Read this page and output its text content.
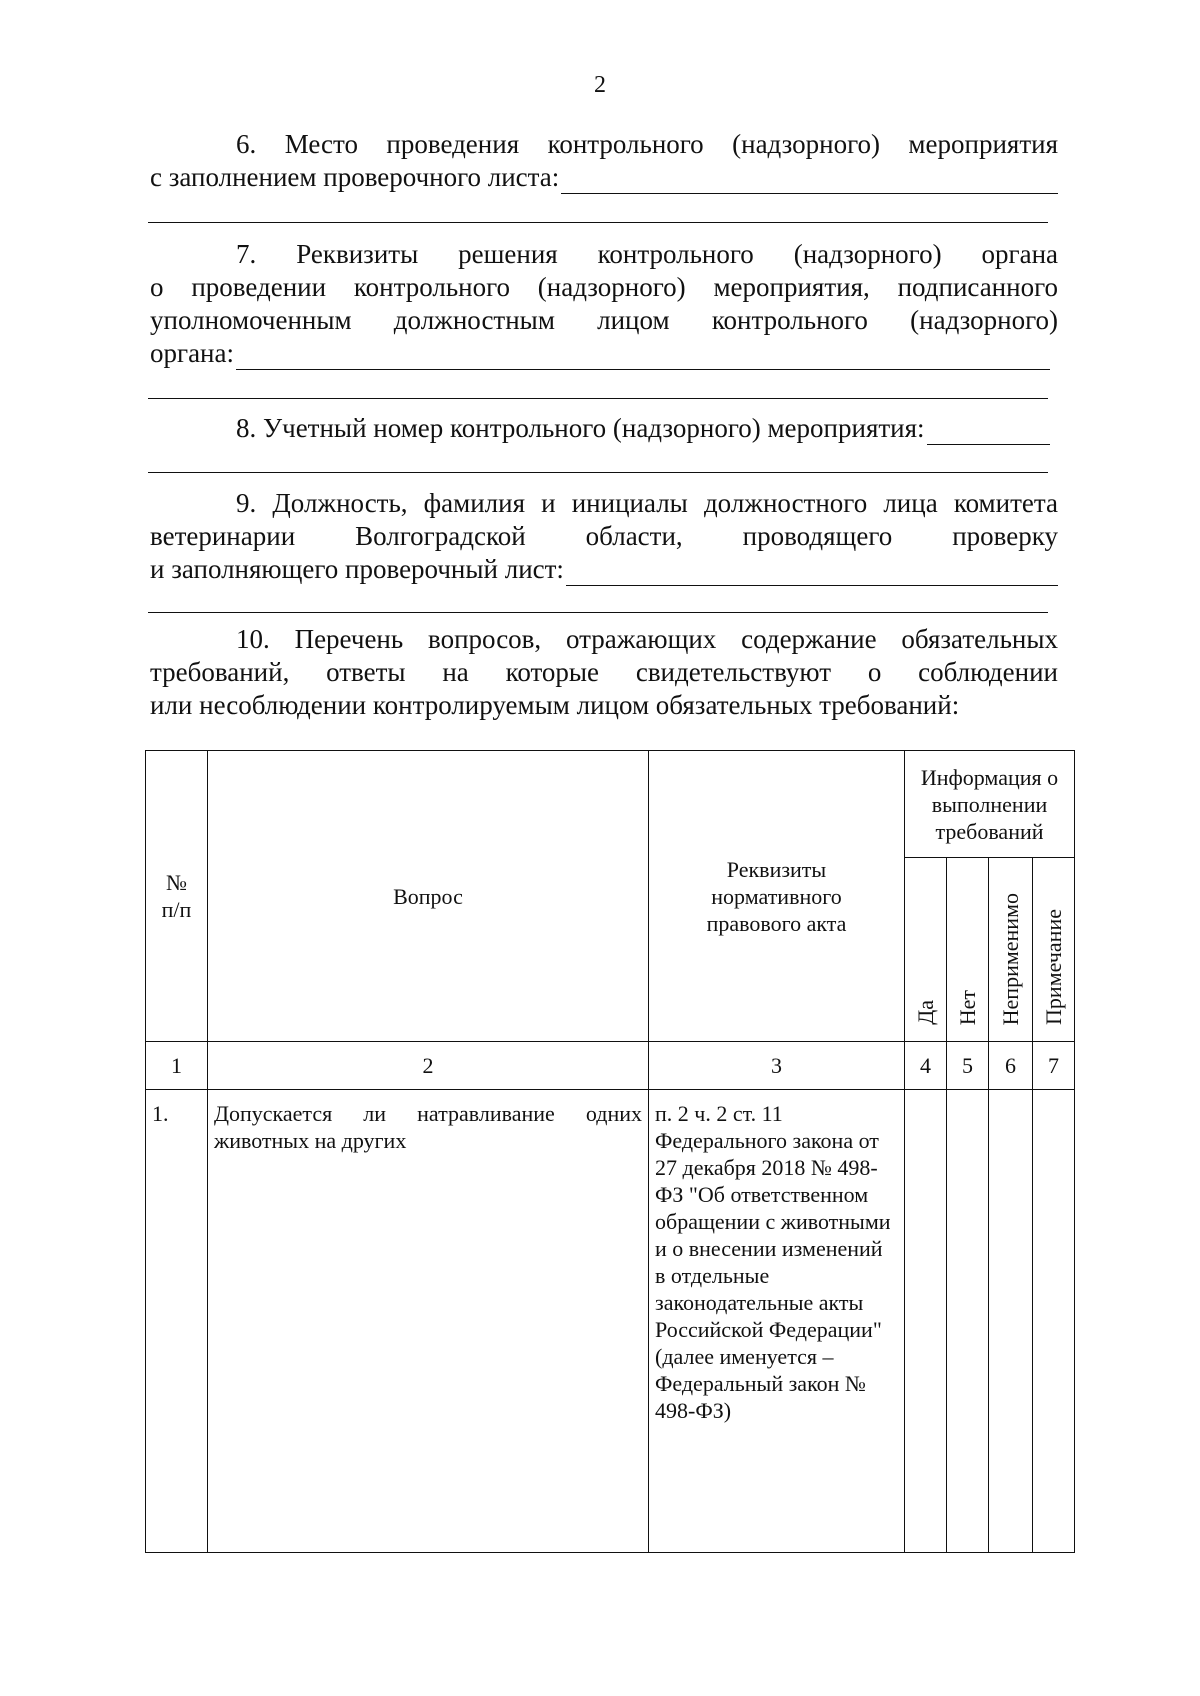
2
6. Место проведения контрольного (надзорного) мероприятия
с заполнением проверочного листа:
7. Реквизиты решения контрольного (надзорного) органа
о проведении контрольного (надзорного) мероприятия, подписанного
уполномоченным должностным лицом контрольного (надзорного)
органа:
8. Учетный номер контрольного (надзорного) мероприятия:
9. Должность, фамилия и инициалы должностного лица комитета
ветеринарии Волгоградской области, проводящего проверку
и заполняющего проверочный лист:
10. Перечень вопросов, отражающих содержание обязательных
требований, ответы на которые свидетельствуют о соблюдении
или несоблюдении контролируемым лицом обязательных требований:
№ п/п	Вопрос	Реквизиты нормативного правового акта	Информация о выполнении требований			

			Да	Нет	Неприменимо	Примечание
1	2	3	4	5	6	7
1.	Допускается ли натравливание одних животных на других	п. 2 ч. 2 ст. 11 Федерального закона от 27 декабря 2018 № 498-ФЗ "Об ответственном обращении с животными и о внесении изменений в отдельные законодательные акты Российской Федерации" (далее именуется – Федеральный закон № 498-ФЗ)				
